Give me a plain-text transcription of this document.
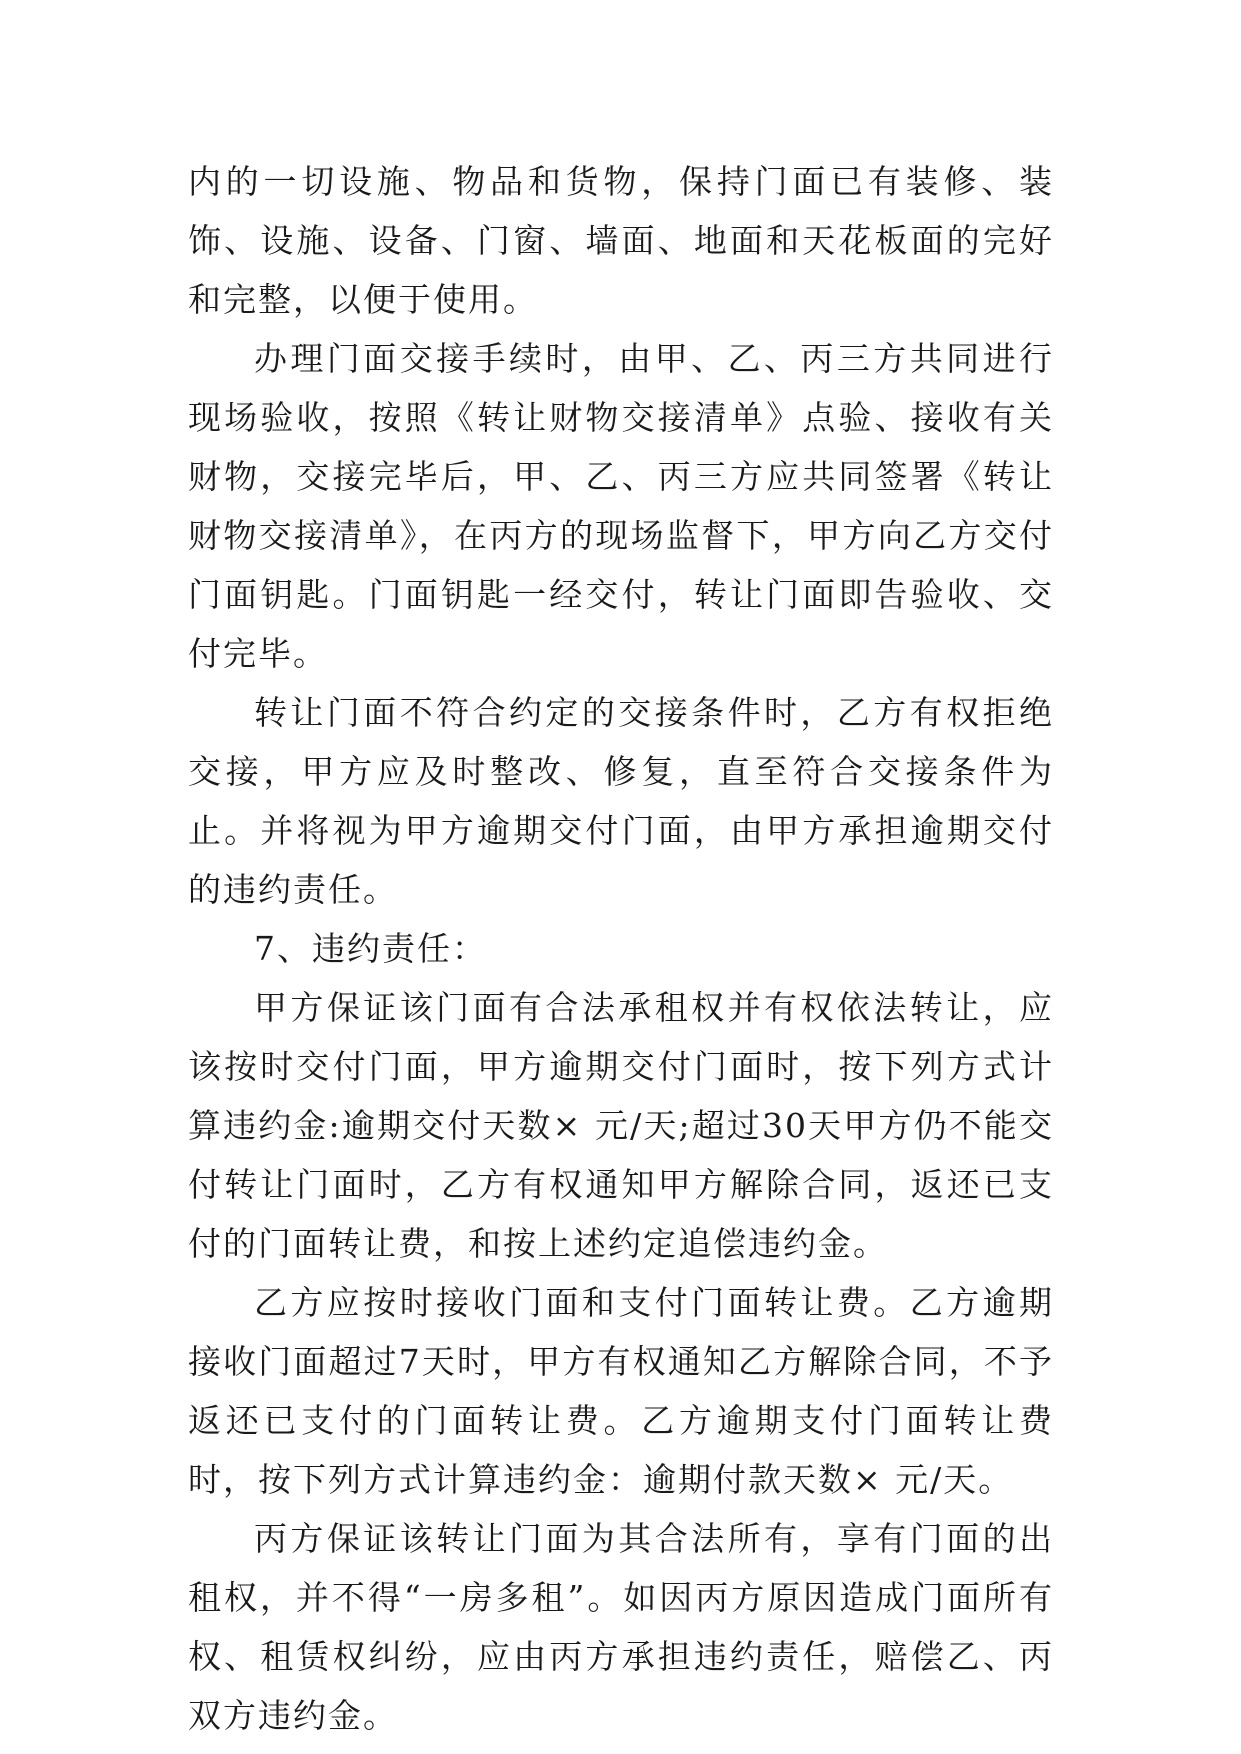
内的一切设施、物品和货物，保持门面已有装修、装饰、设施、设备、门窗、墙面、地面和天花板面的完好和完整，以便于使用。

办理门面交接手续时，由甲、乙、丙三方共同进行现场验收，按照《转让财物交接清单》点验、接收有关财物，交接完毕后，甲、乙、丙三方应共同签署《转让财物交接清单》，在丙方的现场监督下，甲方向乙方交付门面钥匙。门面钥匙一经交付，转让门面即告验收、交付完毕。

转让门面不符合约定的交接条件时，乙方有权拒绝交接，甲方应及时整改、修复，直至符合交接条件为止。并将视为甲方逾期交付门面，由甲方承担逾期交付的违约责任。

7、违约责任：

甲方保证该门面有合法承租权并有权依法转让，应该按时交付门面，甲方逾期交付门面时，按下列方式计算违约金:逾期交付天数× 元/天;超过30天甲方仍不能交付转让门面时，乙方有权通知甲方解除合同，返还已支付的门面转让费，和按上述约定追偿违约金。

乙方应按时接收门面和支付门面转让费。乙方逾期接收门面超过7天时，甲方有权通知乙方解除合同，不予返还已支付的门面转让费。乙方逾期支付门面转让费时，按下列方式计算违约金：逾期付款天数× 元/天。

丙方保证该转让门面为其合法所有，享有门面的出租权，并不得“一房多租”。如因丙方原因造成门面所有权、租赁权纠纷，应由丙方承担违约责任，赔偿乙、丙双方违约金。
